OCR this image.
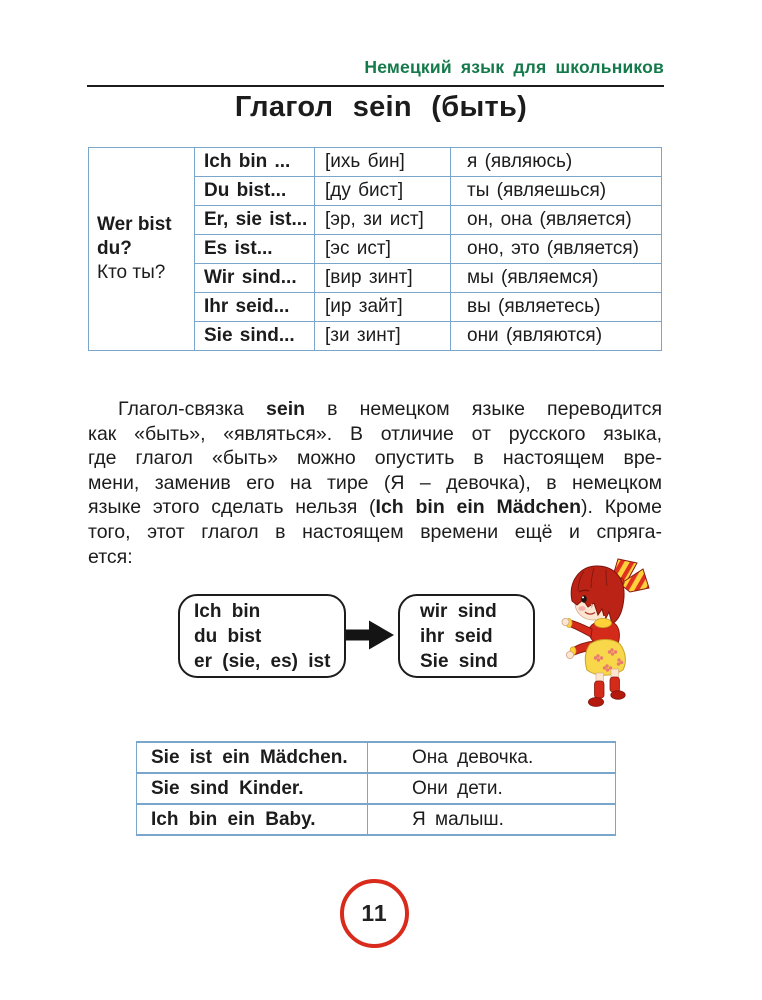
Немецкий язык для школьников
Глагол sein (быть)
Wer bist du?
Кто ты?	Ich bin ...	[ихь бин]	я (являюсь)
	Du bist...	[ду бист]	ты (являешься)
	Er, sie ist...	[эр, зи ист]	он, она (является)
	Es ist...	[эс ист]	оно, это (является)
	Wir sind...	[вир зинт]	мы (являемся)
	Ihr seid...	[ир зайт]	вы (являетесь)
	Sie sind...	[зи зинт]	они (являются)

Глагол-связка sein в немецком языке переводится

как «быть», «являться». В отличие от русского языка,

где глагол «быть» можно опустить в настоящем вре-

мени, заменив его на тире (Я – девочка), в немецком

языке этого сделать нельзя (Ich bin ein Mädchen). Кроме

того, этот глагол в настоящем времени ещё и спряга-

ется:

Ich bin
du bist
er (sie, es) ist
wir sind
ihr seid
Sie sind
Sie ist ein Mädchen.	Она девочка.
Sie sind Kinder.	Они дети.
Ich bin ein Baby.	Я малыш.
11
